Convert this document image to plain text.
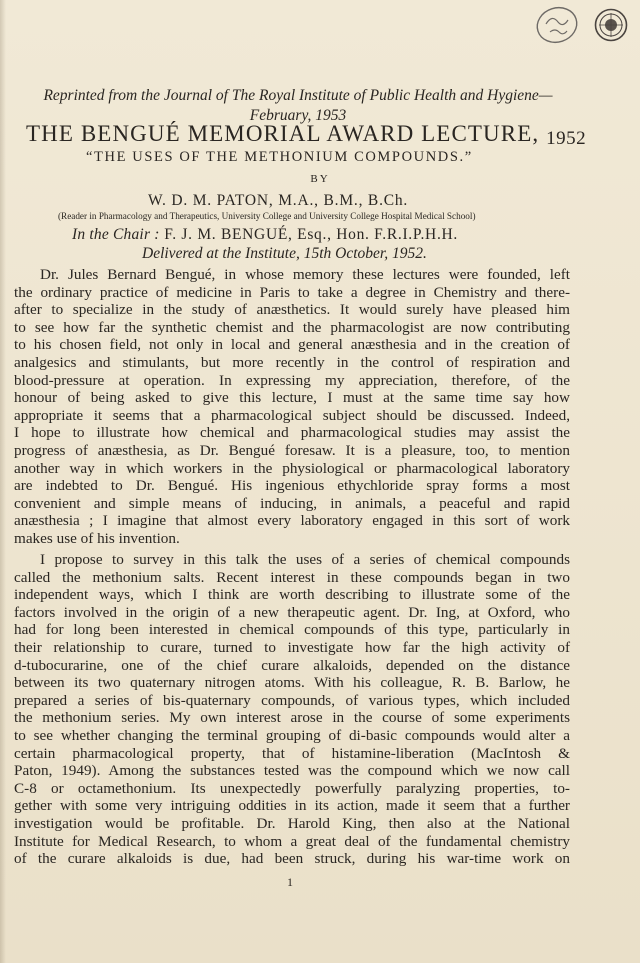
Reprinted from the Journal of The Royal Institute of Public Health and Hygiene—
February, 1953
THE BENGUÉ MEMORIAL AWARD LECTURE, 1952
“THE USES OF THE METHONIUM COMPOUNDS.”
BY
W. D. M. PATON, M.A., B.M., B.Ch.
(Reader in Pharmacology and Therapeutics, University College and University College Hospital Medical School)
In the Chair : F. J. M. BENGUÉ, Esq., Hon. F.R.I.P.H.H.
Delivered at the Institute, 15th October, 1952.
Dr. Jules Bernard Bengué, in whose memory these lectures were founded, left
the ordinary practice of medicine in Paris to take a degree in Chemistry and there-
after to specialize in the study of anæsthetics. It would surely have pleased him
to see how far the synthetic chemist and the pharmacologist are now contributing
to his chosen field, not only in local and general anæsthesia and in the creation of
analgesics and stimulants, but more recently in the control of respiration and
blood-pressure at operation. In expressing my appreciation, therefore, of the
honour of being asked to give this lecture, I must at the same time say how
appropriate it seems that a pharmacological subject should be discussed. Indeed,
I hope to illustrate how chemical and pharmacological studies may assist the
progress of anæsthesia, as Dr. Bengué foresaw. It is a pleasure, too, to mention
another way in which workers in the physiological or pharmacological laboratory
are indebted to Dr. Bengué. His ingenious ethychloride spray forms a most
convenient and simple means of inducing, in animals, a peaceful and rapid
anæsthesia ; I imagine that almost every laboratory engaged in this sort of work
makes use of his invention.
I propose to survey in this talk the uses of a series of chemical compounds
called the methonium salts. Recent interest in these compounds began in two
independent ways, which I think are worth describing to illustrate some of the
factors involved in the origin of a new therapeutic agent. Dr. Ing, at Oxford, who
had for long been interested in chemical compounds of this type, particularly in
their relationship to curare, turned to investigate how far the high activity of
d-tubocurarine, one of the chief curare alkaloids, depended on the distance
between its two quaternary nitrogen atoms. With his colleague, R. B. Barlow, he
prepared a series of bis-quaternary compounds, of various types, which included
the methonium series. My own interest arose in the course of some experiments
to see whether changing the terminal grouping of di-basic compounds would alter a
certain pharmacological property, that of histamine-liberation (MacIntosh &
Paton, 1949). Among the substances tested was the compound which we now call
C-8 or octamethonium. Its unexpectedly powerfully paralyzing properties, to-
gether with some very intriguing oddities in its action, made it seem that a further
investigation would be profitable. Dr. Harold King, then also at the National
Institute for Medical Research, to whom a great deal of the fundamental chemistry
of the curare alkaloids is due, had been struck, during his war-time work on
1
